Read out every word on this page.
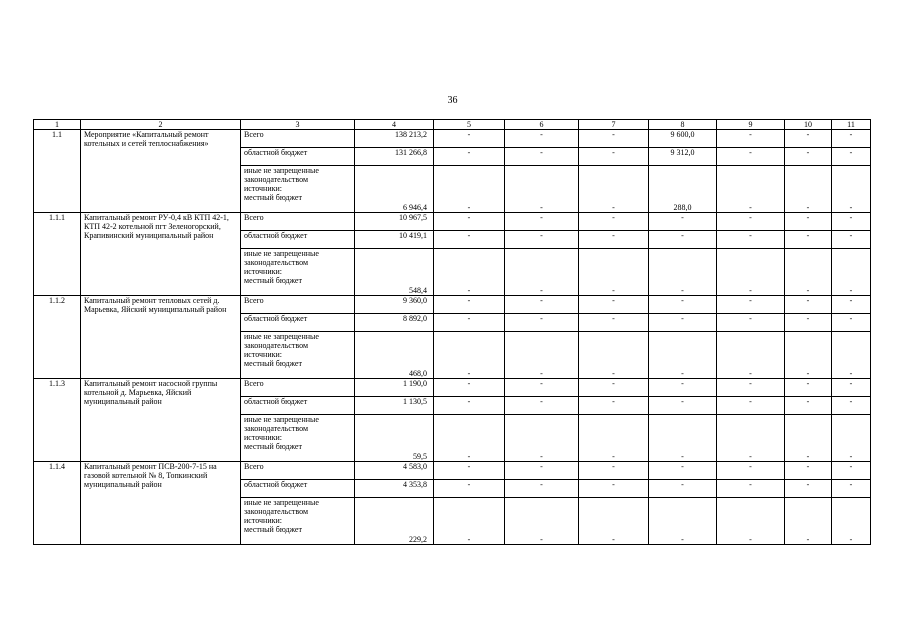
36
1	2	3	4	5	6	7	8	9	10	11
1.1	Мероприятие «Капитальный ремонт котельных и сетей теплоснабжения»	Всего	138 213,2	-	-	-	9 600,0	-	-	-
		областной бюджет	131 266,8	-	-	-	9 312,0	-	-	-

		иные не запрещенные
законодательством
источники:
местный бюджет	6 946,4	-	-	-	288,0	-	-	-
1.1.1	Капитальный ремонт РУ-0,4 кВ КТП 42-1, КТП 42-2 котельной пгт Зеленогорский, Крапивинский муниципальный район	Всего	10 967,5	-	-	-	-	-	-	-
		областной бюджет	10 419,1	-	-	-	-	-	-	-

		иные не запрещенные
законодательством
источники:
местный бюджет	548,4	-	-	-	-	-	-	-
1.1.2	Капитальный ремонт тепловых сетей д. Марьевка, Яйский муниципальный район	Всего	9 360,0	-	-	-	-	-	-	-
		областной бюджет	8 892,0	-	-	-	-	-	-	-

		иные не запрещенные
законодательством
источники:
местный бюджет	468,0	-	-	-	-	-	-	-
1.1.3	Капитальный ремонт насосной группы котельной д. Марьевка, Яйский муниципальный район	Всего	1 190,0	-	-	-	-	-	-	-
		областной бюджет	1 130,5	-	-	-	-	-	-	-

		иные не запрещенные
законодательством
источники:
местный бюджет	59,5	-	-	-	-	-	-	-
1.1.4	Капитальный ремонт ПСВ-200-7-15 на газовой котельной № 8, Топкинский муниципальный район	Всего	4 583,0	-	-	-	-	-	-	-
		областной бюджет	4 353,8	-	-	-	-	-	-	-

		иные не запрещенные
законодательством
источники:
местный бюджет	229,2	-	-	-	-	-	-	-
